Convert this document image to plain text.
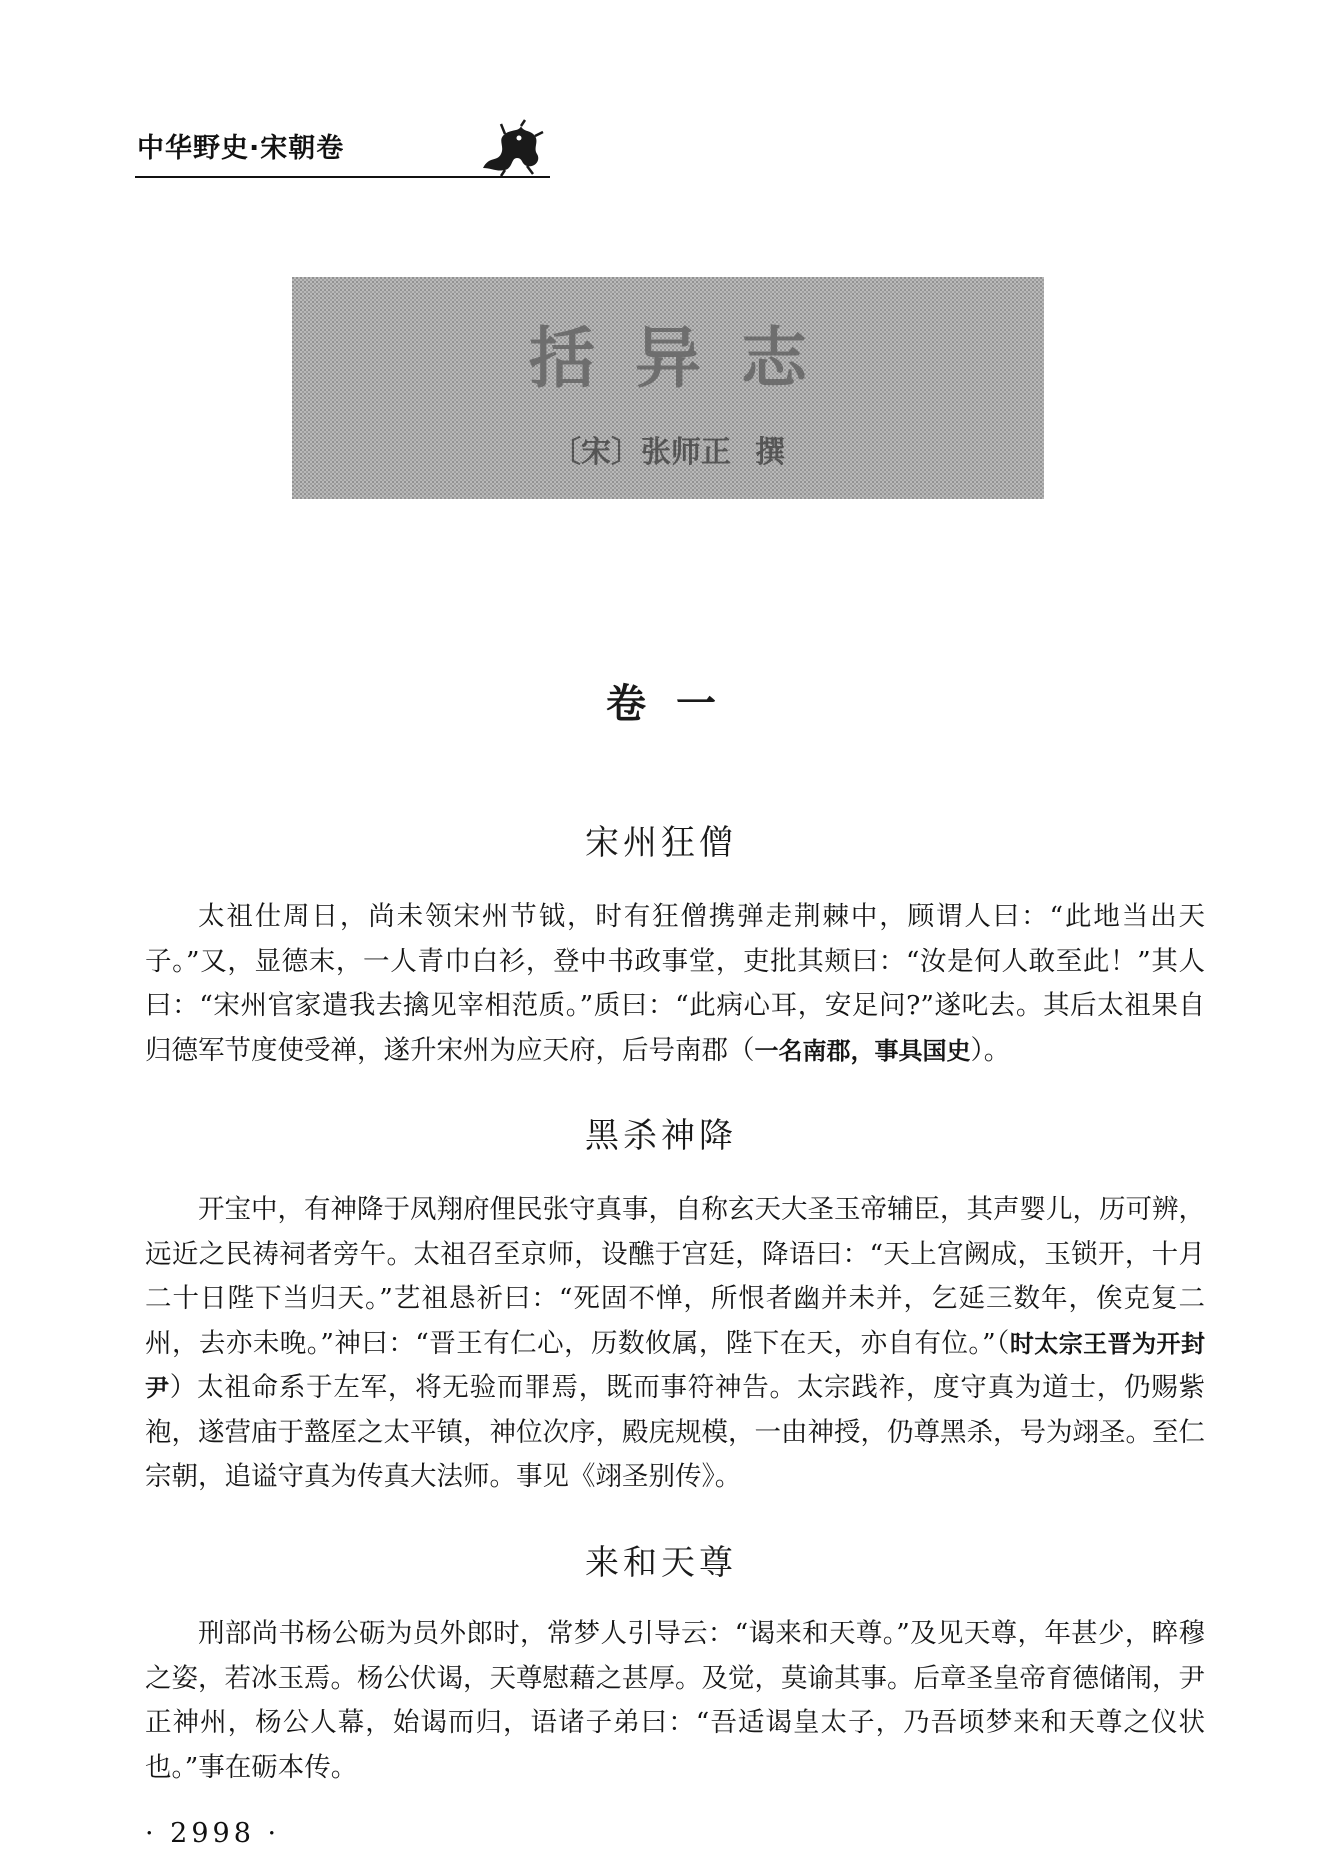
中华野史·宋朝卷
括异志
〔宋〕张师正 撰
卷一
宋州狂僧

太祖仕周日，尚未领宋州节钺，时有狂僧携弹走荆棘中，顾谓人曰：“此地当出天子。”又，显德末，一人青巾白衫，登中书政事堂，吏批其颊曰：“汝是何人敢至此！”其人曰：“宋州官家遣我去擒见宰相范质。”质曰：“此病心耳，安足问?”遂叱去。其后太祖果自归德军节度使受禅，遂升宋州为应天府，后号南郡（一名南郡，事具国史）。

黑杀神降

开宝中，有神降于凤翔府俚民张守真事，自称玄天大圣玉帝辅臣，其声婴儿，历可辨，远近之民祷祠者旁午。太祖召至京师，设醮于宫廷，降语曰：“天上宫阙成，玉锁开，十月二十日陛下当归天。”艺祖恳祈曰：“死固不惮，所恨者幽并未并，乞延三数年，俟克复二州，去亦未晚。”神曰：“晋王有仁心，历数攸属，陛下在天，亦自有位。”（时太宗王晋为开封尹）太祖命系于左军，将无验而罪焉，既而事符神告。太宗践祚，度守真为道士，仍赐紫袍，遂营庙于盩厔之太平镇，神位次序，殿庑规模，一由神授，仍尊黑杀，号为翊圣。至仁宗朝，追谥守真为传真大法师。事见《翊圣别传》。

来和天尊

刑部尚书杨公砺为员外郎时，常梦人引导云：“谒来和天尊。”及见天尊，年甚少，睟穆之姿，若冰玉焉。杨公伏谒，天尊慰藉之甚厚。及觉，莫谕其事。后章圣皇帝育德储闱，尹正神州，杨公人幕，始谒而归，语诸子弟曰：“吾适谒皇太子，乃吾顷梦来和天尊之仪状也。”事在砺本传。

· 2998 ·
